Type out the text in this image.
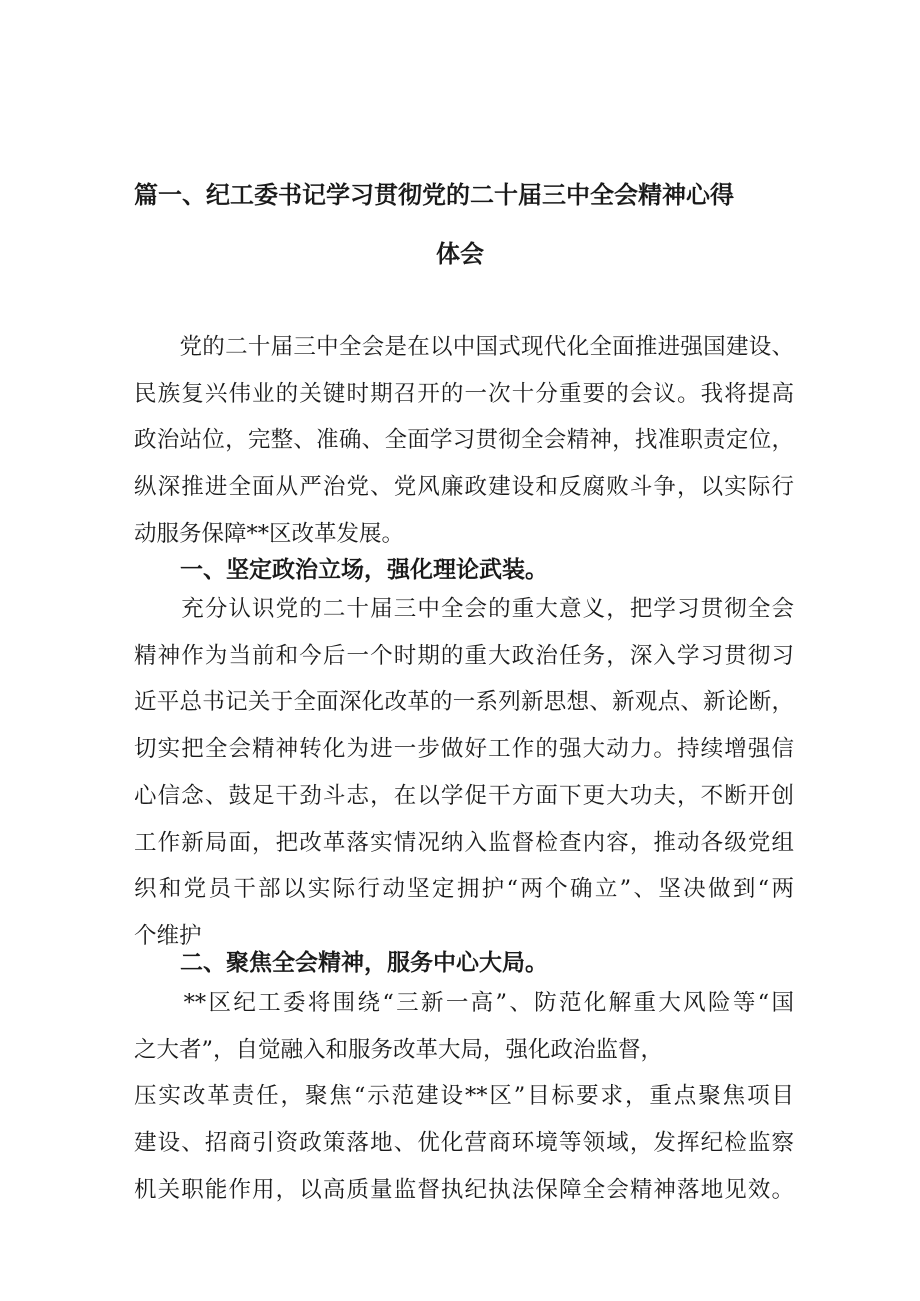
篇一、纪工委书记学习贯彻党的二十届三中全会精神心得
体会
　　党的二十届三中全会是在以中国式现代化全面推进强国建设、
民族复兴伟业的关键时期召开的一次十分重要的会议。我将提高
政治站位，完整、准确、全面学习贯彻全会精神，找准职责定位，
纵深推进全面从严治党、党风廉政建设和反腐败斗争，以实际行
动服务保障**区改革发展。
一、坚定政治立场，强化理论武装。
　　充分认识党的二十届三中全会的重大意义，把学习贯彻全会
精神作为当前和今后一个时期的重大政治任务，深入学习贯彻习
近平总书记关于全面深化改革的一系列新思想、新观点、新论断，
切实把全会精神转化为进一步做好工作的强大动力。持续增强信
心信念、鼓足干劲斗志，在以学促干方面下更大功夫，不断开创
工作新局面，把改革落实情况纳入监督检查内容，推动各级党组
织和党员干部以实际行动坚定拥护“两个确立”、坚决做到“两
个维护
二、聚焦全会精神，服务中心大局。
　　**区纪工委将围绕“三新一高”、防范化解重大风险等“国
之大者”，自觉融入和服务改革大局，强化政治监督，
压实改革责任，聚焦“示范建设**区”目标要求，重点聚焦项目
建设、招商引资政策落地、优化营商环境等领域，发挥纪检监察
机关职能作用，以高质量监督执纪执法保障全会精神落地见效。
